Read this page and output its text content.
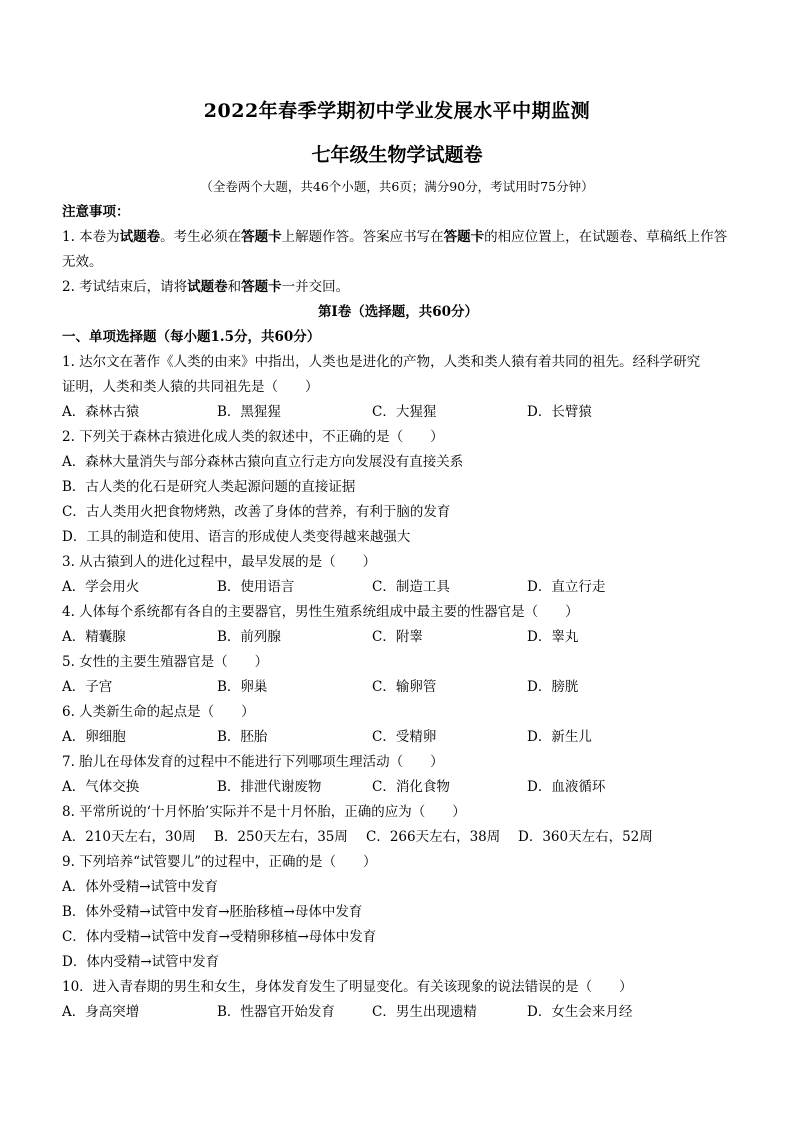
2022年春季学期初中学业发展水平中期监测
七年级生物学试题卷
（全卷两个大题，共46个小题，共6页；满分90分，考试用时75分钟）
注意事项：
1. 本卷为试题卷。考生必须在答题卡上解题作答。答案应书写在答题卡的相应位置上，在试题卷、草稿纸上作答无效。
2. 考试结束后，请将试题卷和答题卡一并交回。
第Ⅰ卷（选择题，共60分）
一、单项选择题（每小题1.5分，共60分）
1. 达尔文在著作《人类的由来》中指出，人类也是进化的产物，人类和类人猿有着共同的祖先。经科学研究
证明，人类和类人猿的共同祖先是（　　）
A．森林古猿	B．黑猩猩	C．大猩猩	D．长臂猿
2. 下列关于森林古猿进化成人类的叙述中，不正确的是（　　）
A．森林大量消失与部分森林古猿向直立行走方向发展没有直接关系
B．古人类的化石是研究人类起源问题的直接证据
C．古人类用火把食物烤熟，改善了身体的营养，有利于脑的发育
D．工具的制造和使用、语言的形成使人类变得越来越强大
3. 从古猿到人的进化过程中，最早发展的是（　　）
A．学会用火	B．使用语言	C．制造工具	D．直立行走
4. 人体每个系统都有各自的主要器官，男性生殖系统组成中最主要的性器官是（　　）
A．精囊腺	B．前列腺	C．附睾	D．睾丸
5. 女性的主要生殖器官是（　　）
A．子宫	B．卵巢	C．输卵管	D．膀胱
6. 人类新生命的起点是（　　）
A．卵细胞	B．胚胎	C．受精卵	D．新生儿
7. 胎儿在母体发育的过程中不能进行下列哪项生理活动（　　）
A．气体交换	B．排泄代谢废物	C．消化食物	D．血液循环
8. 平常所说的‘十月怀胎’实际并不是十月怀胎，正确的应为（　　）
A．210天左右，30周	B．250天左右，35周	C．266天左右，38周	D．360天左右，52周
9. 下列培养“试管婴儿”的过程中，正确的是（　　）
A．体外受精→试管中发育
B．体外受精→试管中发育→胚胎移植→母体中发育
C．体内受精→试管中发育→受精卵移植→母体中发育
D．体内受精→试管中发育
10．进入青春期的男生和女生，身体发育发生了明显变化。有关该现象的说法错误的是（　　）
A．身高突增	B．性器官开始发育	C．男生出现遗精	D．女生会来月经
